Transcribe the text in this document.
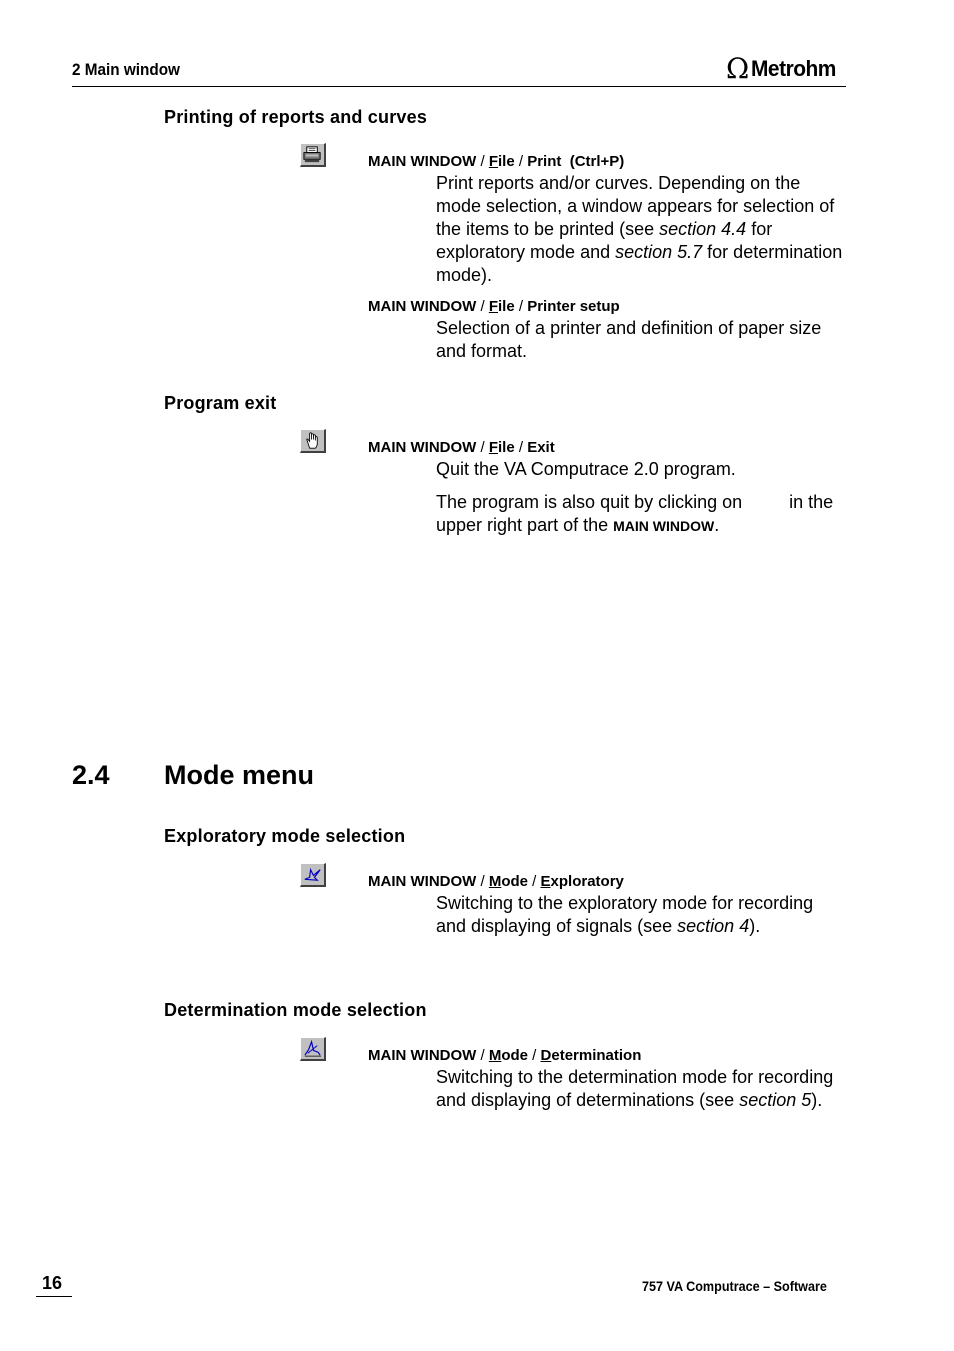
2 Main window	Ω Metrohm
Printing of reports and curves
MAIN WINDOW / File / Print (Ctrl+P)
Print reports and/or curves. Depending on the mode selection, a window appears for selection of the items to be printed (see section 4.4 for exploratory mode and section 5.7 for determination mode).
MAIN WINDOW / File / Printer setup
Selection of a printer and definition of paper size and format.
Program exit
MAIN WINDOW / File / Exit
Quit the VA Computrace 2.0 program.
The program is also quit by clicking on	in the
upper right part of the MAIN WINDOW.
2.4 Mode menu
Exploratory mode selection
MAIN WINDOW / Mode / Exploratory
Switching to the exploratory mode for recording and displaying of signals (see section 4).
Determination mode selection
MAIN WINDOW / Mode / Determination
Switching to the determination mode for recording and displaying of determinations (see section 5).
16	757 VA Computrace – Software
